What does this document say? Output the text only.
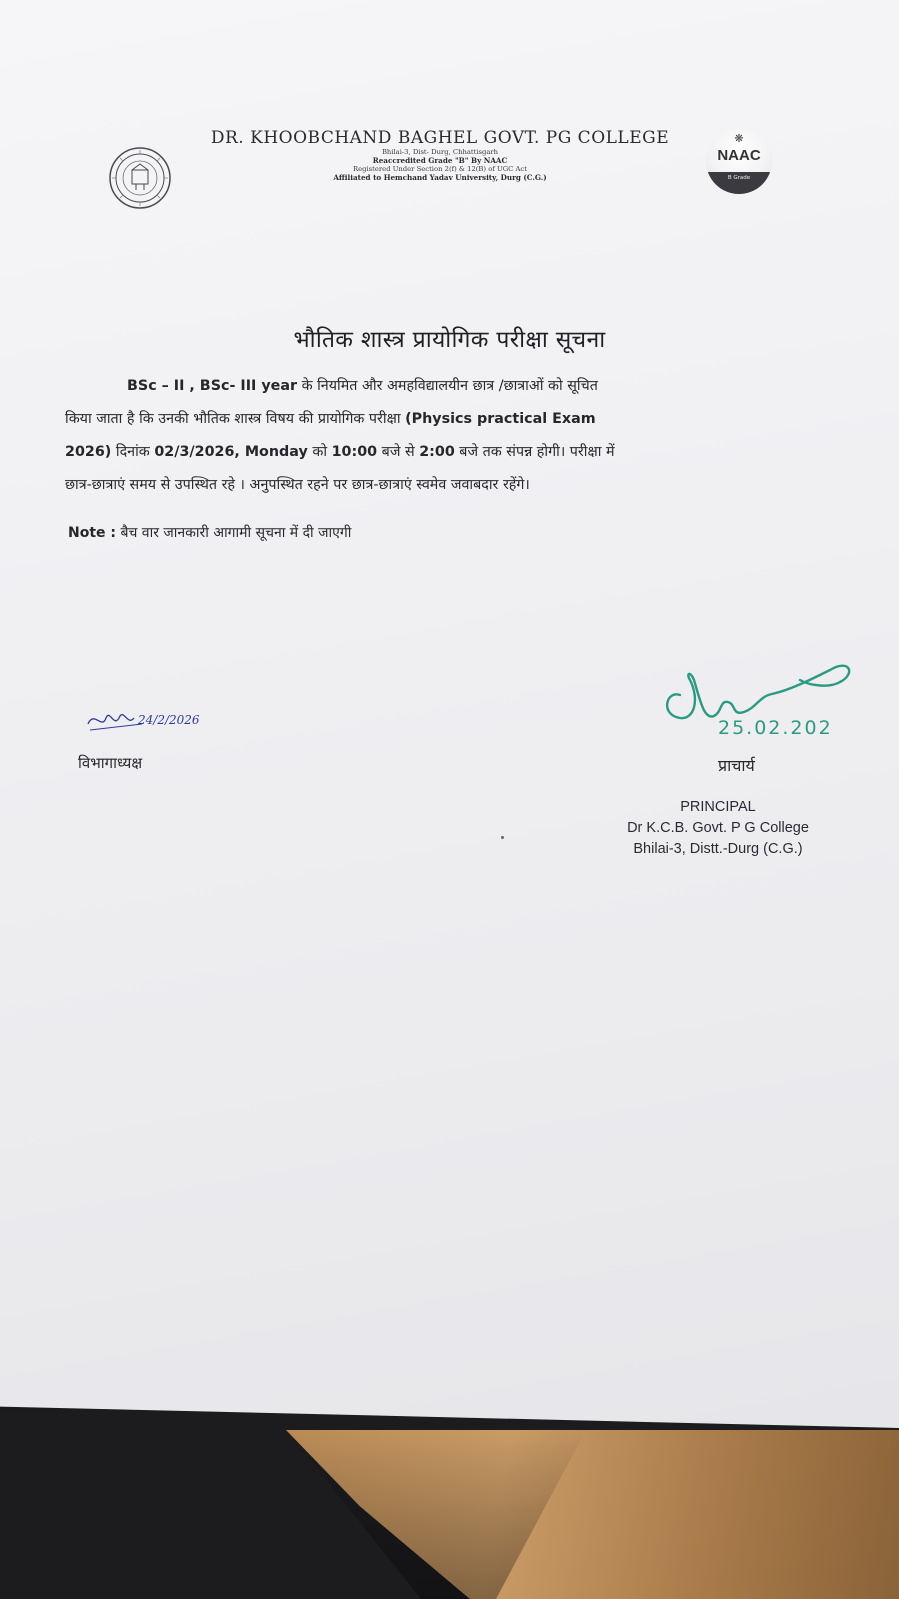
DR. KHOOBCHAND BAGHEL GOVT. PG COLLEGE
Bhilai-3, Dist- Durg, Chhattisgarh
Reaccredited Grade "B" By NAAC
Registered Under Section 2(f) & 12(B) of UGC Act
Affiliated to Hemchand Yadav University, Durg (C.G.)
❋
NAAC
B Grade
भौतिक शास्त्र प्रायोगिक परीक्षा सूचना
BSc – II , BSc- III year के नियमित और अमहविद्यालयीन छात्र /छात्राओं को सूचित
किया जाता है कि उनकी भौतिक शास्त्र विषय की प्रायोगिक परीक्षा (Physics practical Exam
2026) दिनांक 02/3/2026, Monday को 10:00 बजे से 2:00 बजे तक संपन्न होगी। परीक्षा में
छात्र-छात्राएं समय से उपस्थित रहे । अनुपस्थित रहने पर छात्र-छात्राएं स्वमेव जवाबदार रहेंगे।
Note : बैच वार जानकारी आगामी सूचना में दी जाएगी
24/2/2026
विभागाध्यक्ष
25.02.202
प्राचार्य
PRINCIPAL
Dr K.C.B. Govt. P G College
Bhilai-3, Distt.-Durg (C.G.)
